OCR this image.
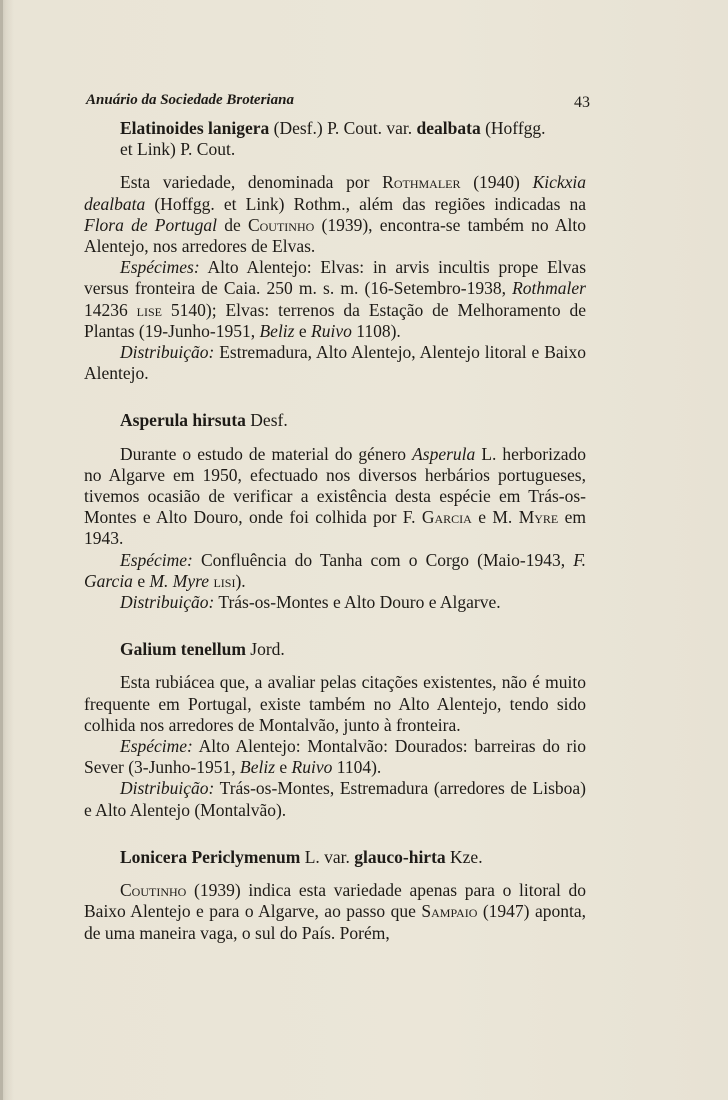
Anuário da Sociedade Broteriana	43

Elatinoides lanigera (Desf.) P. Cout. var. dealbata (Hoffgg.

et Link) P. Cout.

Esta variedade, denominada por Rothmaler (1940) Kickxia dealbata (Hoffgg. et Link) Rothm., além das regiões indicadas na Flora de Portugal de Coutinho (1939), encontra-se também no Alto Alentejo, nos arredores de Elvas.

Espécimes: Alto Alentejo: Elvas: in arvis incultis prope Elvas versus fronteira de Caia. 250 m. s. m. (16-Setembro-1938, Rothmaler 14236 lise 5140); Elvas: terrenos da Estação de Melhoramento de Plantas (19-Junho-1951, Beliz e Ruivo 1108).

Distribuição: Estremadura, Alto Alentejo, Alentejo litoral e Baixo Alentejo.

Asperula hirsuta Desf.

Durante o estudo de material do género Asperula L. herborizado no Algarve em 1950, efectuado nos diversos herbários portugueses, tivemos ocasião de verificar a existência desta espécie em Trás-os-Montes e Alto Douro, onde foi colhida por F. Garcia e M. Myre em 1943.

Espécime: Confluência do Tanha com o Corgo (Maio-1943, F. Garcia e M. Myre lisi).

Distribuição: Trás-os-Montes e Alto Douro e Algarve.

Galium tenellum Jord.

Esta rubiácea que, a avaliar pelas citações existentes, não é muito frequente em Portugal, existe também no Alto Alentejo, tendo sido colhida nos arredores de Montalvão, junto à fronteira.

Espécime: Alto Alentejo: Montalvão: Dourados: barreiras do rio Sever (3-Junho-1951, Beliz e Ruivo 1104).

Distribuição: Trás-os-Montes, Estremadura (arredores de Lisboa) e Alto Alentejo (Montalvão).

Lonicera Periclymenum L. var. glauco-hirta Kze.

Coutinho (1939) indica esta variedade apenas para o litoral do Baixo Alentejo e para o Algarve, ao passo que Sampaio (1947) aponta, de uma maneira vaga, o sul do País. Porém,
